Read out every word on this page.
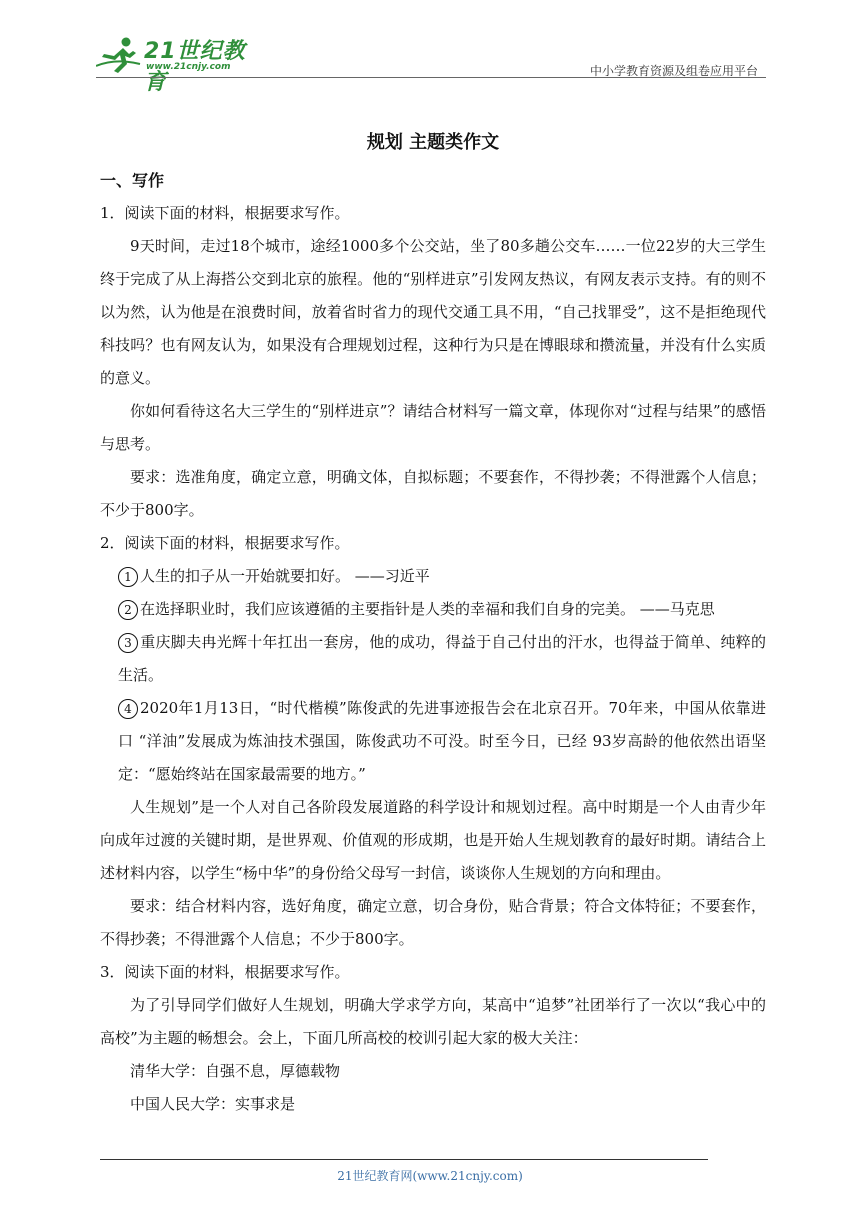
21世纪教育
www.21cnjy.com	中小学教育资源及组卷应用平台
规划 主题类作文
一、写作

1．阅读下面的材料，根据要求写作。

9天时间，走过18个城市，途经1000多个公交站，坐了80多趟公交车……一位22岁的大三学生终于完成了从上海搭公交到北京的旅程。他的“别样进京”引发网友热议，有网友表示支持。有的则不以为然，认为他是在浪费时间，放着省时省力的现代交通工具不用，“自己找罪受”，这不是拒绝现代科技吗？也有网友认为，如果没有合理规划过程，这种行为只是在博眼球和攒流量，并没有什么实质的意义。

你如何看待这名大三学生的“别样进京”？请结合材料写一篇文章，体现你对“过程与结果”的感悟与思考。

要求：选准角度，确定立意，明确文体，自拟标题；不要套作，不得抄袭；不得泄露个人信息；不少于800字。

2．阅读下面的材料，根据要求写作。

1 人生的扣子从一开始就要扣好。 ——习近平

2 在选择职业时，我们应该遵循的主要指针是人类的幸福和我们自身的完美。 ——马克思

3 重庆脚夫冉光辉十年扛出一套房，他的成功，得益于自己付出的汗水，也得益于简单、纯粹的生活。

4 2020年1月13日，“时代楷模”陈俊武的先进事迹报告会在北京召开。70年来，中国从依靠进口 “洋油”发展成为炼油技术强国，陈俊武功不可没。时至今日，已经 93岁高龄的他依然出语坚定：“愿始终站在国家最需要的地方。”

人生规划”是一个人对自己各阶段发展道路的科学设计和规划过程。高中时期是一个人由青少年向成年过渡的关键时期，是世界观、价值观的形成期，也是开始人生规划教育的最好时期。请结合上述材料内容，以学生“杨中华”的身份给父母写一封信，谈谈你人生规划的方向和理由。

要求：结合材料内容，选好角度，确定立意，切合身份，贴合背景；符合文体特征；不要套作，不得抄袭；不得泄露个人信息；不少于800字。

3．阅读下面的材料，根据要求写作。

为了引导同学们做好人生规划，明确大学求学方向，某高中“追梦”社团举行了一次以“我心中的高校”为主题的畅想会。会上，下面几所高校的校训引起大家的极大关注：

清华大学：自强不息，厚德载物

中国人民大学：实事求是

21世纪教育网(www.21cnjy.com)
